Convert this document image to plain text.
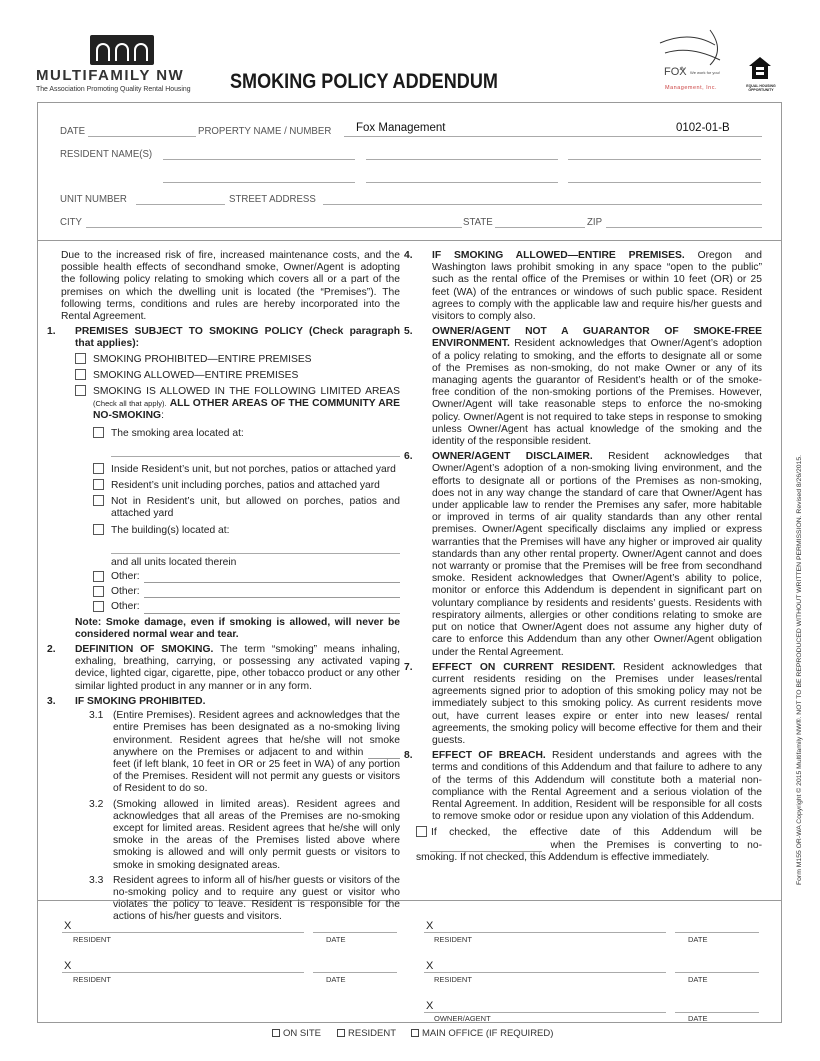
MULTIFAMILY NW
The Association Promoting Quality Rental Housing SMOKING POLICY ADDENDUM	FOX We work for you!
Management, Inc.	EQUAL HOUSING OPPORTUNITY
DATE	PROPERTY NAME / NUMBER Fox Management	0102-01-B
RESIDENT NAME(S)
UNIT NUMBER	STREET ADDRESS
CITY	STATE	ZIP

Due to the increased risk of fire, increased maintenance costs, and the possible health effects of secondhand smoke, Owner/Agent is adopting the following policy relating to smoking which covers all or a part of the premises on which the dwelling unit is located (the “Premises”). The following terms, conditions and rules are hereby incorporated into the Rental Agreement.

1. PREMISES SUBJECT TO SMOKING POLICY (Check paragraph that applies):
SMOKING PROHIBITED—ENTIRE PREMISES
SMOKING ALLOWED—ENTIRE PREMISES
SMOKING IS ALLOWED IN THE FOLLOWING LIMITED AREAS (Check all that apply). ALL OTHER AREAS OF THE COMMUNITY ARE NO-SMOKING:
The smoking area located at:
Inside Resident’s unit, but not porches, patios or attached yard
Resident’s unit including porches, patios and attached yard
Not in Resident’s unit, but allowed on porches, patios and attached yard
The building(s) located at:
and all units located therein
Other:
Other:
Other:

Note: Smoke damage, even if smoking is allowed, will never be considered normal wear and tear.

2. DEFINITION OF SMOKING. The term “smoking” means inhaling, exhaling, breathing, carrying, or possessing any activated vaping device, lighted cigar, cigarette, pipe, other tobacco product or any other similar lighted product in any manner or in any form.

3. IF SMOKING PROHIBITED.

3.1 (Entire Premises). Resident agrees and acknowledges that the entire Premises has been designated as a no-smoking living environment. Resident agrees that he/she will not smoke anywhere on the Premises or adjacent to and within  feet (if left blank, 10 feet in OR or 25 feet in WA) of any portion of the Premises. Resident will not permit any guests or visitors of Resident to do so.

3.2 (Smoking allowed in limited areas). Resident agrees and acknowledges that all areas of the Premises are no-smoking except for limited areas. Resident agrees that he/she will only smoke in the areas of the Premises listed above where smoking is allowed and will only permit guests or visitors to smoke in smoking designated areas.

3.3 Resident agrees to inform all of his/her guests or visitors of the no-smoking policy and to require any guest or visitor who violates the policy to leave. Resident is responsible for the actions of his/her guests and visitors.

4. IF SMOKING ALLOWED—ENTIRE PREMISES. Oregon and Washington laws prohibit smoking in any space “open to the public” such as the rental office of the Premises or within 10 feet (OR) or 25 feet (WA) of the entrances or windows of such public space. Resident agrees to comply with the applicable law and require his/her guests and visitors to comply also.

5. OWNER/AGENT NOT A GUARANTOR OF SMOKE-FREE ENVIRONMENT. Resident acknowledges that Owner/Agent’s adoption of a policy relating to smoking, and the efforts to designate all or some of the Premises as non-smoking, do not make Owner or any of its managing agents the guarantor of Resident’s health or of the smoke-free condition of the non-smoking portions of the Premises. However, Owner/Agent will take reasonable steps to enforce the no-smoking policy. Owner/Agent is not required to take steps in response to smoking unless Owner/Agent has actual knowledge of the smoking and the identity of the responsible resident.

6. OWNER/AGENT DISCLAIMER. Resident acknowledges that Owner/Agent’s adoption of a non-smoking living environment, and the efforts to designate all or portions of the Premises as non-smoking, does not in any way change the standard of care that Owner/Agent has under applicable law to render the Premises any safer, more habitable or improved in terms of air quality standards than any other rental premises. Owner/Agent specifically disclaims any implied or express warranties that the Premises will have any higher or improved air quality standards than any other rental property. Owner/Agent cannot and does not warranty or promise that the Premises will be free from secondhand smoke. Resident acknowledges that Owner/Agent’s ability to police, monitor or enforce this Addendum is dependent in significant part on voluntary compliance by residents and residents’ guests. Residents with respiratory ailments, allergies or other conditions relating to smoke are put on notice that Owner/Agent does not assume any higher duty of care to enforce this Addendum than any other Owner/Agent obligation under the Rental Agreement.

7. EFFECT ON CURRENT RESIDENT. Resident acknowledges that current residents residing on the Premises under leases/rental agreements signed prior to adoption of this smoking policy may not be immediately subject to this smoking policy. As current residents move out, have current leases expire or enter into new leases/ rental agreements, the smoking policy will become effective for them and their guests.

8. EFFECT OF BREACH. Resident understands and agrees with the terms and conditions of this Addendum and that failure to adhere to any of the terms of this Addendum will constitute both a material non-compliance with the Rental Agreement and a serious violation of the Rental Agreement. In addition, Resident will be responsible for all costs to remove smoke odor or residue upon any violation of this Addendum.

If checked, the effective date of this Addendum will be  when the Premises is converting to no-smoking. If not checked, this Addendum is effective immediately.

X
RESIDENT	DATE
X
RESIDENT	DATE
X
RESIDENT	DATE
X
RESIDENT	DATE
X
OWNER/AGENT	DATE
ON SITE	RESIDENT	MAIN OFFICE (IF REQUIRED)
Form M155 OR-WA Copyright © 2015 Multifamily NW®. NOT TO BE REPRODUCED WITHOUT WRITTEN PERMISSION. Revised 8/26/2015.
